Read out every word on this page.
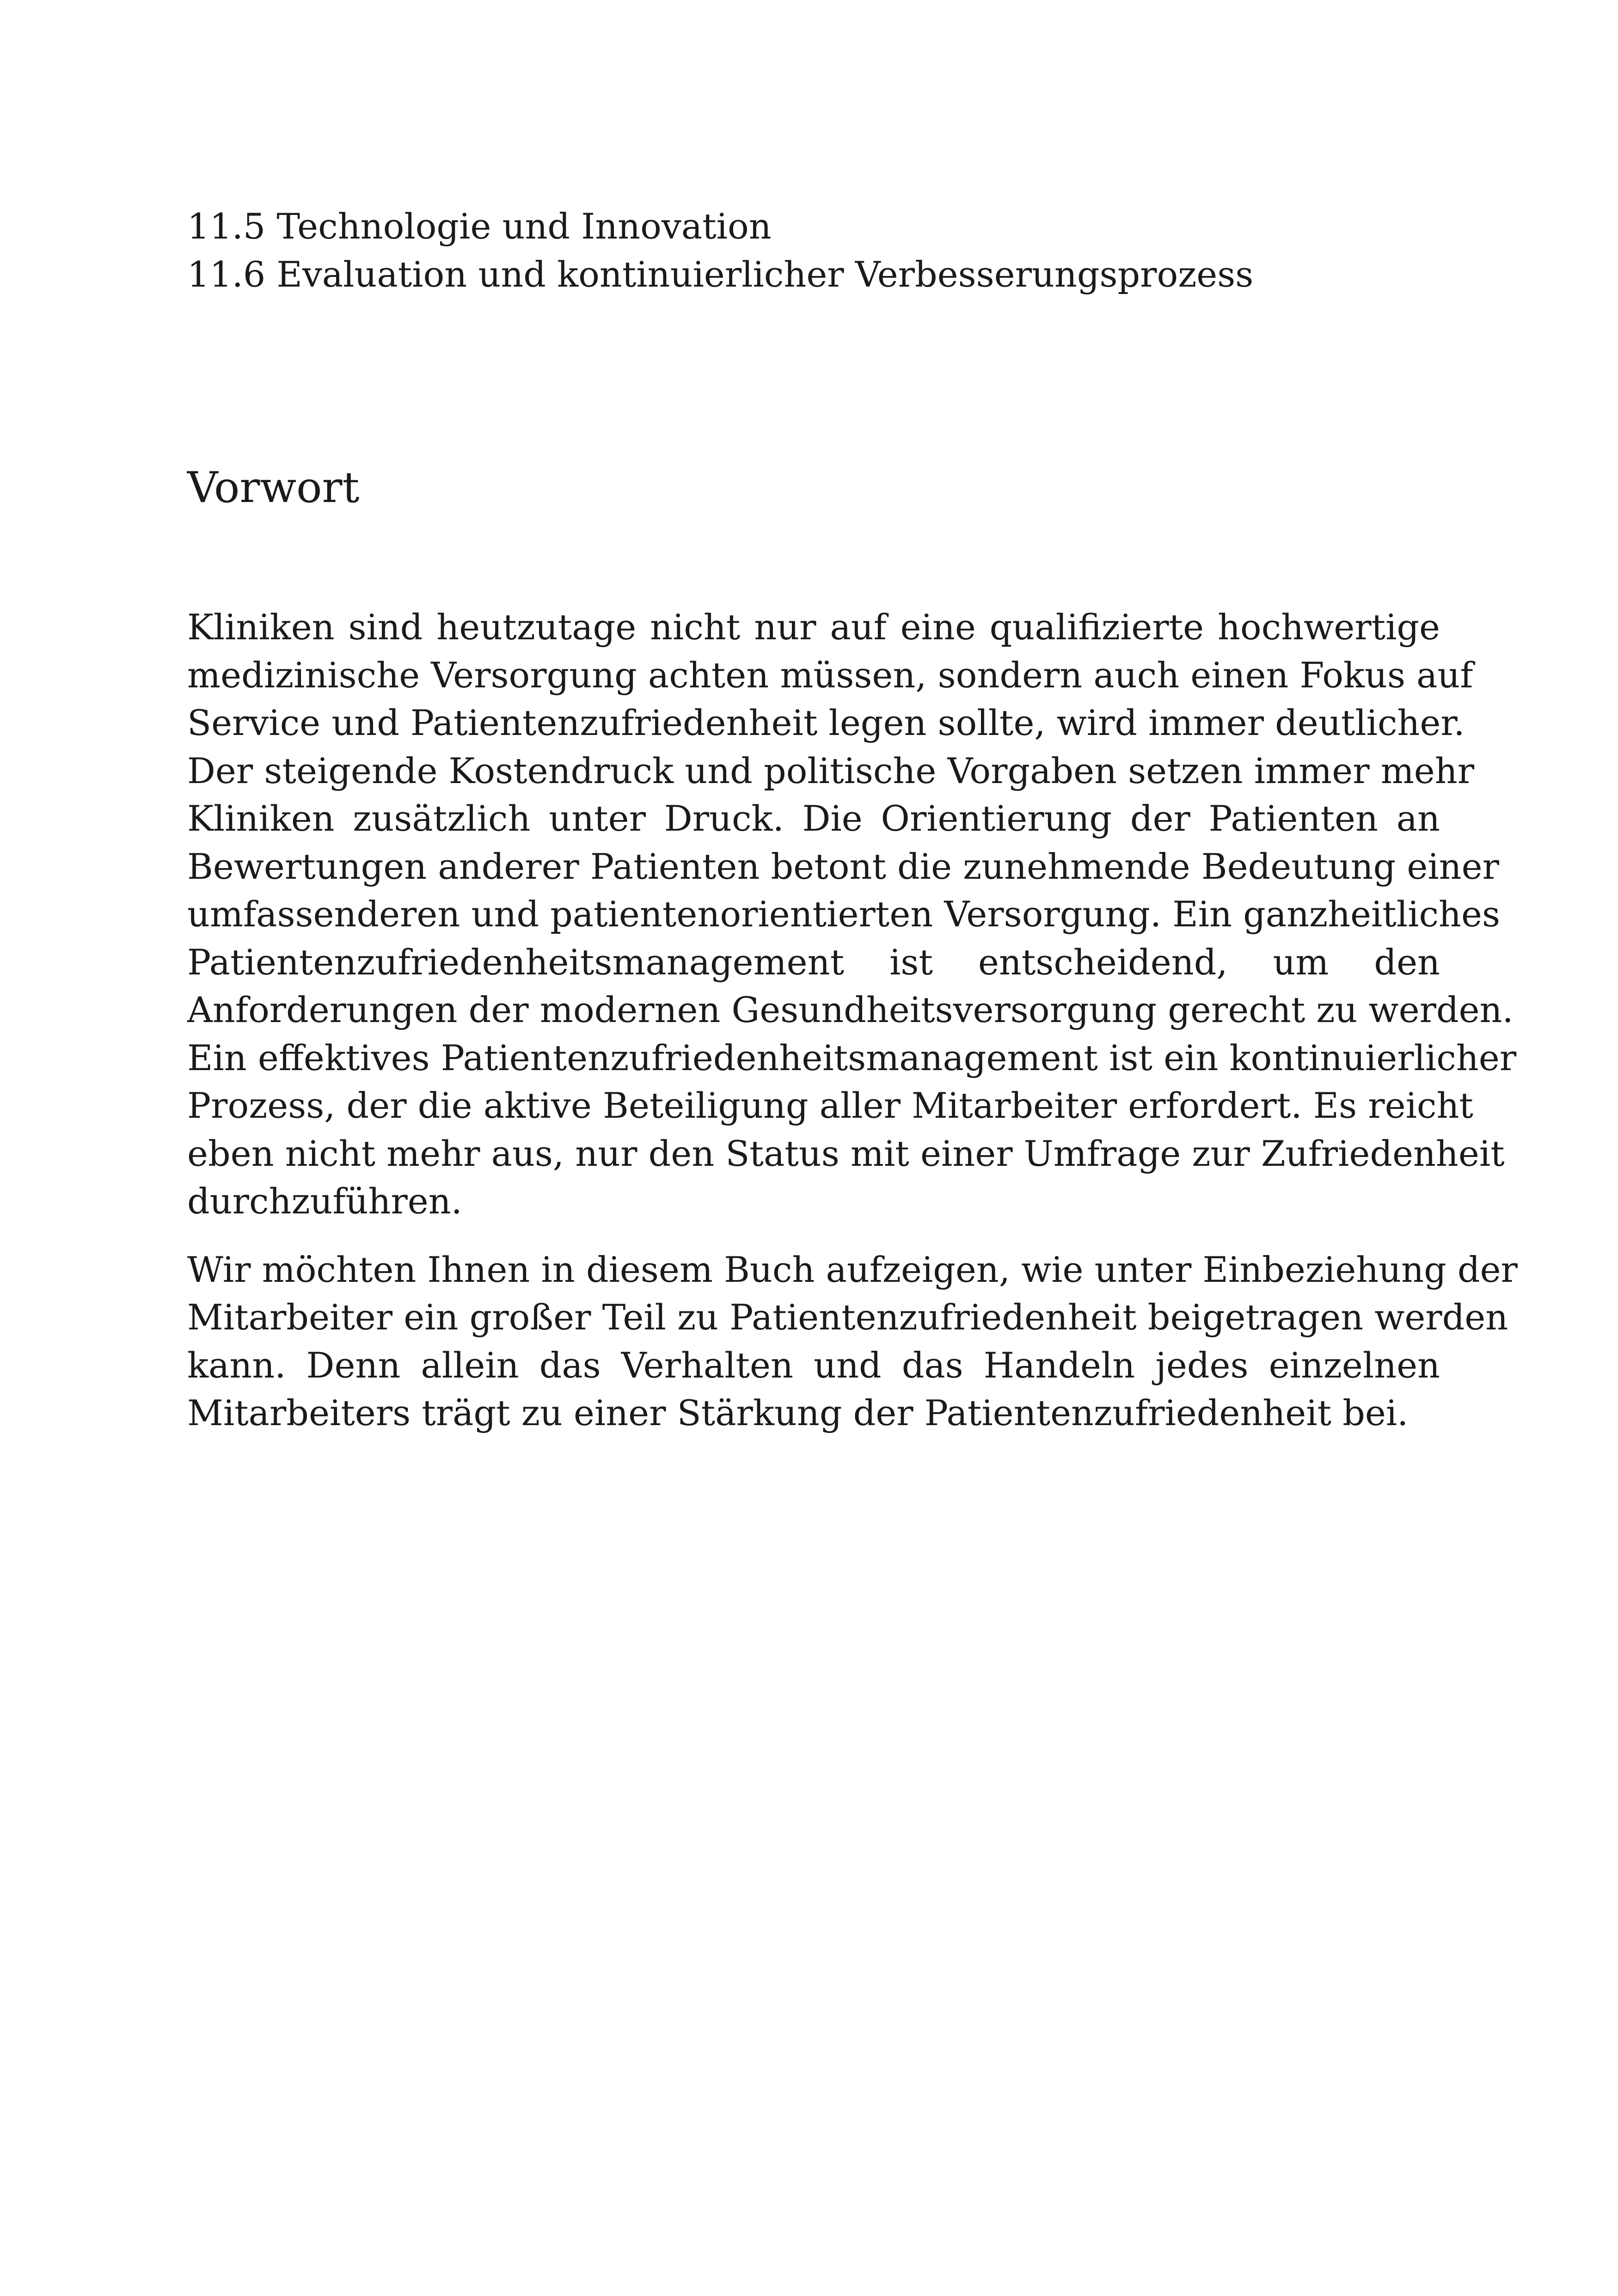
11.5 Technologie und Innovation

11.6 Evaluation und kontinuierlicher Verbesserungsprozess

Vorwort

Kliniken sind heutzutage nicht nur auf eine qualifizierte hochwertige
medizinische Versorgung achten müssen, sondern auch einen Fokus auf
Service und Patientenzufriedenheit legen sollte, wird immer deutlicher.
Der steigende Kostendruck und politische Vorgaben setzen immer mehr
Kliniken zusätzlich unter Druck. Die Orientierung der Patienten an
Bewertungen anderer Patienten betont die zunehmende Bedeutung einer
umfassenderen und patientenorientierten Versorgung. Ein ganzheitliches
Patientenzufriedenheitsmanagement ist entscheidend, um den
Anforderungen der modernen Gesundheitsversorgung gerecht zu werden.
Ein effektives Patientenzufriedenheitsmanagement ist ein kontinuierlicher
Prozess, der die aktive Beteiligung aller Mitarbeiter erfordert. Es reicht
eben nicht mehr aus, nur den Status mit einer Umfrage zur Zufriedenheit
durchzuführen.

Wir möchten Ihnen in diesem Buch aufzeigen, wie unter Einbeziehung der
Mitarbeiter ein großer Teil zu Patientenzufriedenheit beigetragen werden
kann. Denn allein das Verhalten und das Handeln jedes einzelnen
Mitarbeiters trägt zu einer Stärkung der Patientenzufriedenheit bei.
